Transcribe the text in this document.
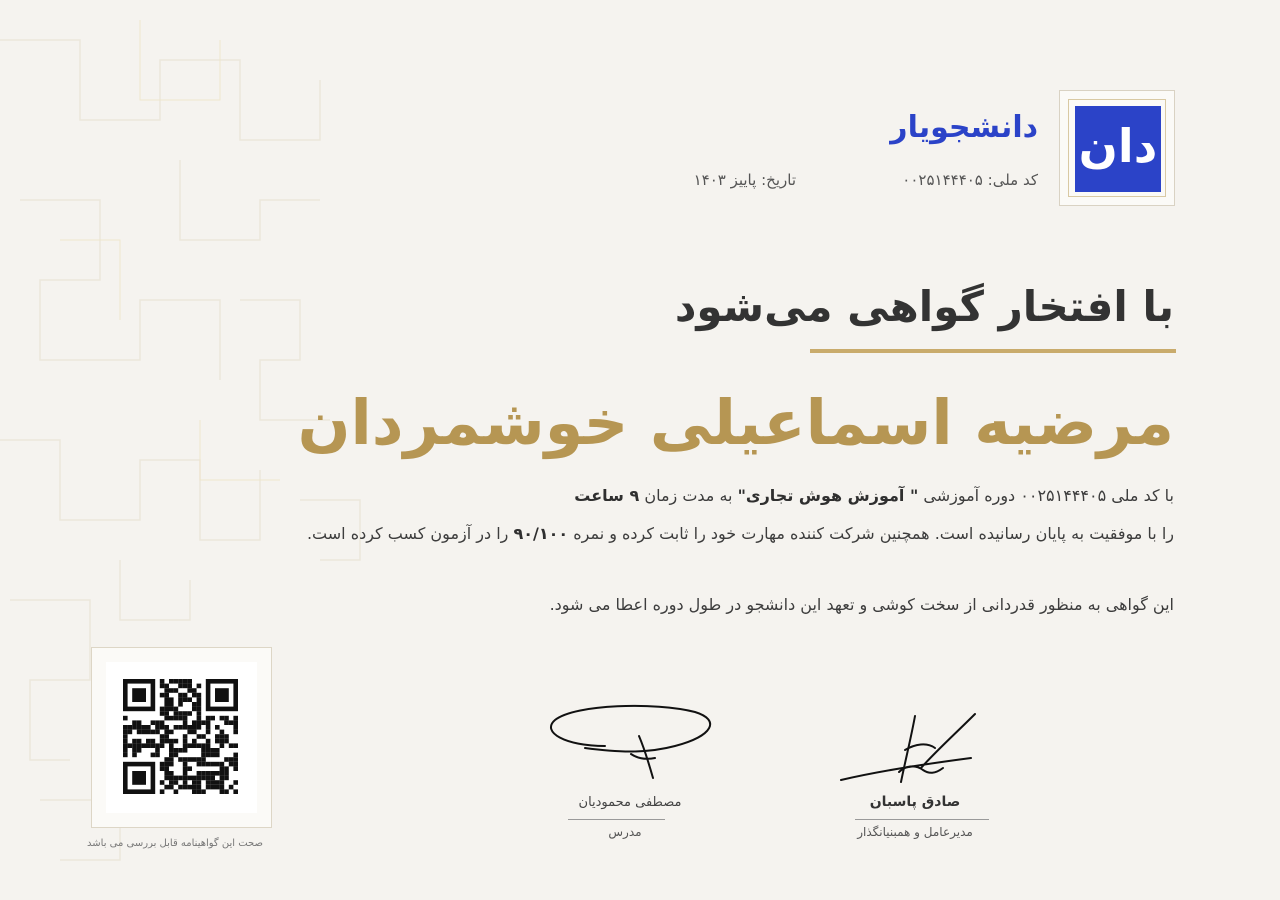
دان
دانشجویار
کد ملی: ۰۰۲۵۱۴۴۴۰۵
تاریخ: پاییز ۱۴۰۳
با افتخار گواهی می‌شود
مرضیه اسماعیلی خوشمردان
با کد ملی ۰۰۲۵۱۴۴۴۰۵ دوره آموزشی " آموزش هوش تجاری" به مدت زمان ۹ ساعت
را با موفقیت به پایان رسانیده است. همچنین شرکت کننده مهارت خود را ثابت کرده و نمره ۹۰/۱۰۰ را در آزمون کسب کرده است.
این گواهی به منظور قدردانی از سخت کوشی و تعهد این دانشجو در طول دوره اعطا می شود.
صادق پاسبان
مدیرعامل و همبنیانگذار
مصطفی محمودیان
مدرس
صحت این گواهینامه قابل بررسی می باشد
